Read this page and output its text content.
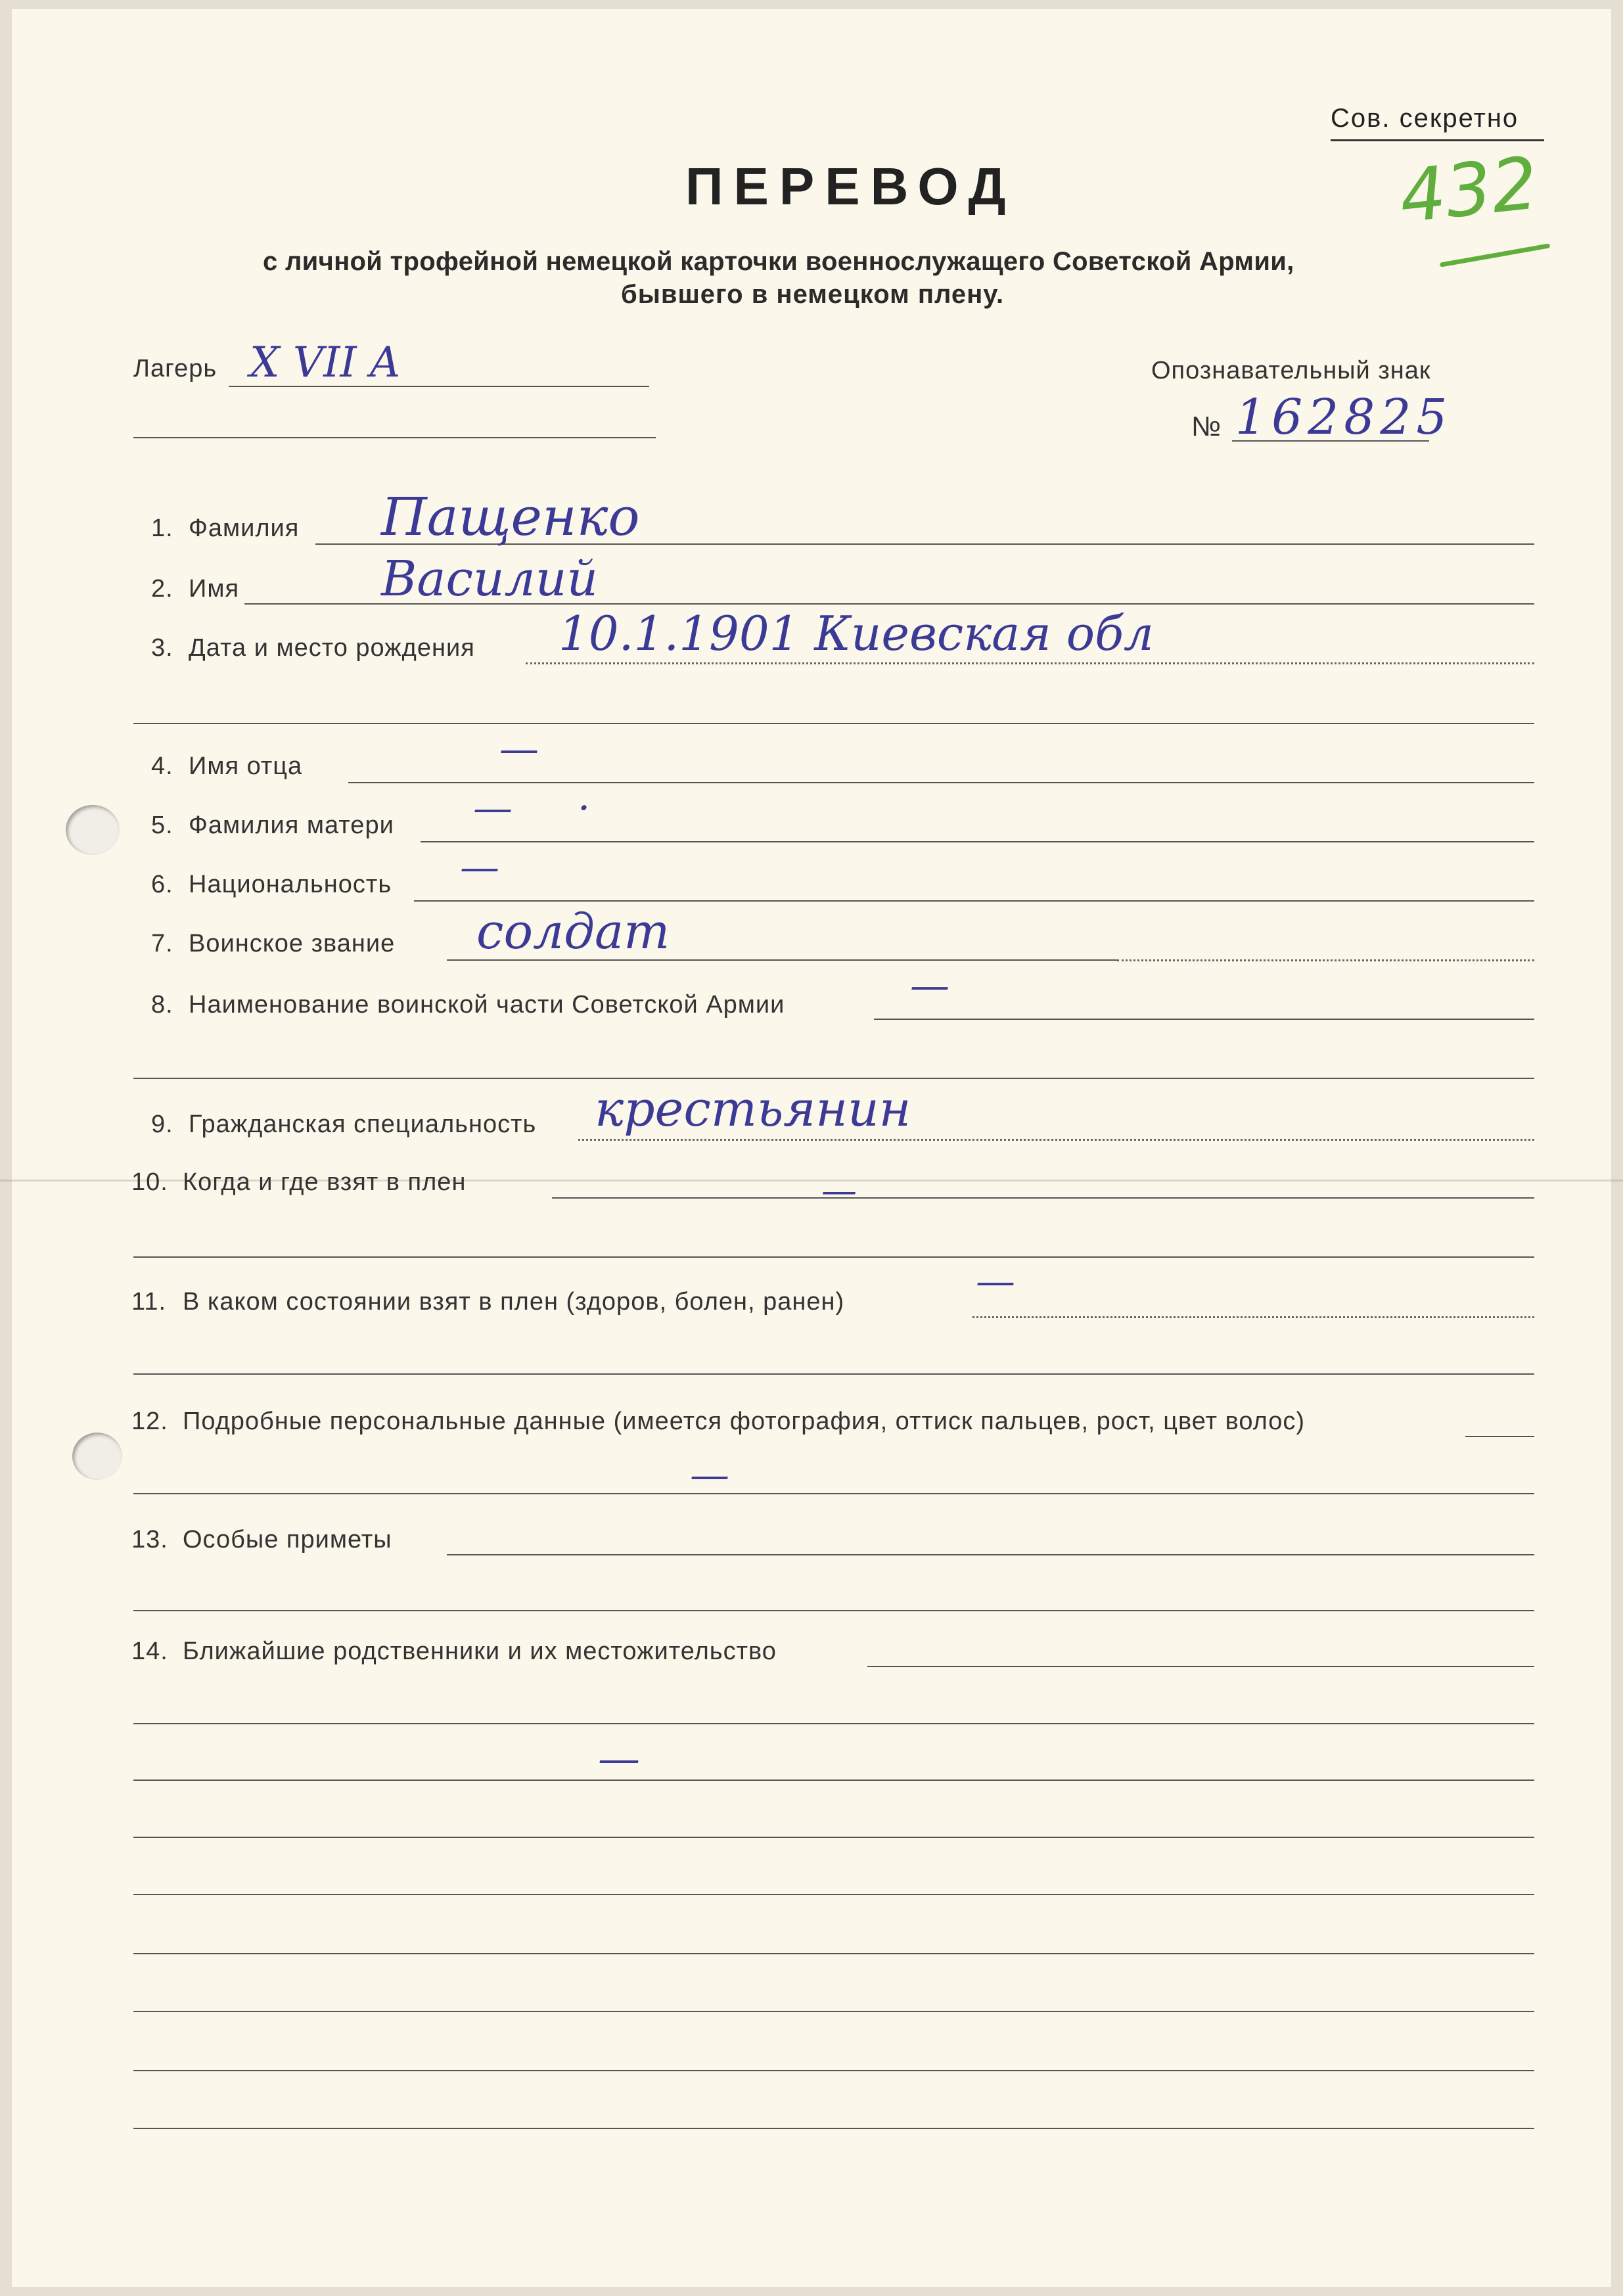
Сов. секретно
432
ПЕРЕВОД
с личной трофейной немецкой карточки военнослужащего Советской Армии,
бывшего в немецком плену.
Лагерь X VII A	Опознавательный знак
№ 162825
1. Фамилия Пащенко
2. Имя	Василий
3. Дата и место рождения 10.1.1901 Киевская обл
4. Имя отца	—
5. Фамилия матери — ·
6. Национальность —
7. Воинское звание солдат
8. Наименование воинской части Советской Армии	—
9. Гражданская специальность крестьянин
10. Когда и где взят в плен	—
11. В каком состоянии взят в плен (здоров, болен, ранен)	—
12. Подробные персональные данные (имеется фотография, оттиск пальцев, рост, цвет волос)
—
13. Особые приметы
14. Ближайшие родственники и их местожительство
—
